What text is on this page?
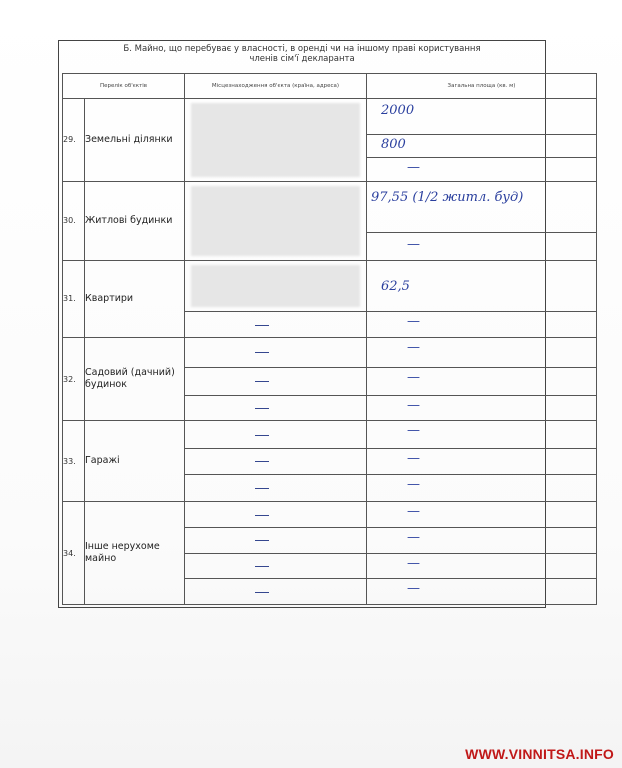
Б. Майно, що перебуває у власності, в оренді чи на іншому праві користування
членів сім'ї декларанта
Перелік об'єктів		Місцезнаходження об'єкта (країна, адреса)	Загальна площа (кв. м)
29.	Земельні ділянки		2000

			800

			—

30.	Житлові будинки		97,55 (1/2 житл. буд)

			—

31.	Квартири		62,5

			—

32.	Садовий (дачний) будинок		—

			—

			—

33.	Гаражі		—

			—

			—

34.	Інше нерухоме майно		—

			—

			—

			—
WWW.VINNITSA.INFO
